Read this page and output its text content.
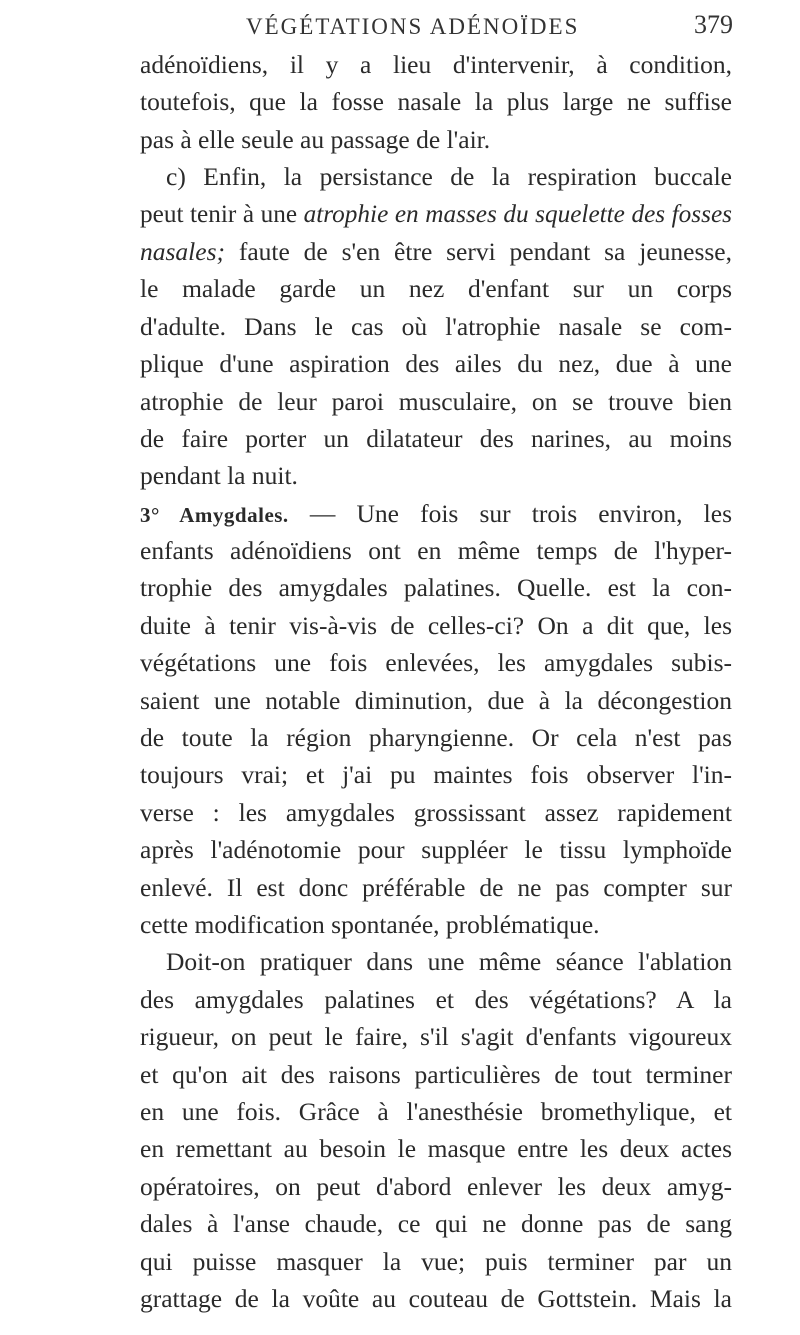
VÉGÉTATIONS ADÉNOÏDES	379
adénoïdiens, il y a lieu d'intervenir, à condition,
toutefois, que la fosse nasale la plus large ne suffise
pas à elle seule au passage de l'air.
c) Enfin, la persistance de la respiration buccale
peut tenir à une atrophie en masses du squelette des fosses
nasales; faute de s'en être servi pendant sa jeunesse,
le malade garde un nez d'enfant sur un corps
d'adulte. Dans le cas où l'atrophie nasale se com-
plique d'une aspiration des ailes du nez, due à une
atrophie de leur paroi musculaire, on se trouve bien
de faire porter un dilatateur des narines, au moins
pendant la nuit.
3° Amygdales. — Une fois sur trois environ, les
enfants adénoïdiens ont en même temps de l'hyper-
trophie des amygdales palatines. Quelle. est la con-
duite à tenir vis-à-vis de celles-ci? On a dit que, les
végétations une fois enlevées, les amygdales subis-
saient une notable diminution, due à la décongestion
de toute la région pharyngienne. Or cela n'est pas
toujours vrai; et j'ai pu maintes fois observer l'in-
verse : les amygdales grossissant assez rapidement
après l'adénotomie pour suppléer le tissu lymphoïde
enlevé. Il est donc préférable de ne pas compter sur
cette modification spontanée, problématique.
Doit-on pratiquer dans une même séance l'ablation
des amygdales palatines et des végétations? A la
rigueur, on peut le faire, s'il s'agit d'enfants vigoureux
et qu'on ait des raisons particulières de tout terminer
en une fois. Grâce à l'anesthésie bromethylique, et
en remettant au besoin le masque entre les deux actes
opératoires, on peut d'abord enlever les deux amyg-
dales à l'anse chaude, ce qui ne donne pas de sang
qui puisse masquer la vue; puis terminer par un
grattage de la voûte au couteau de Gottstein. Mais la
